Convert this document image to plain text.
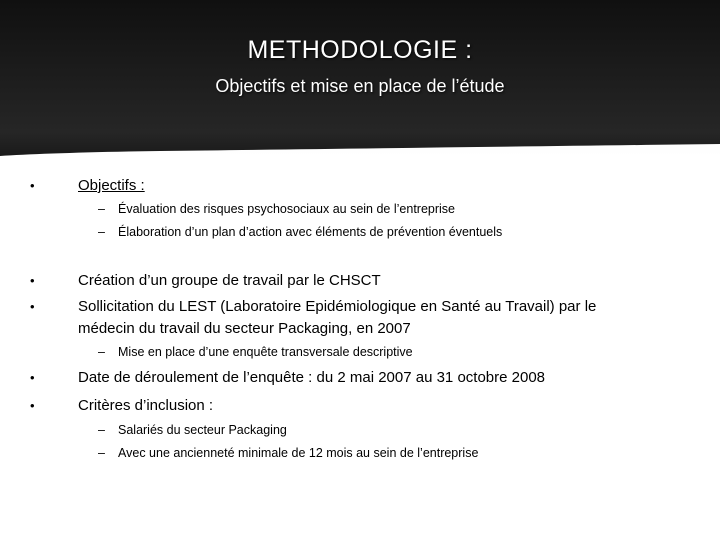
METHODOLOGIE :
Objectifs et mise en place de l’étude
•	Objectifs :
– Évaluation des risques psychosociaux au sein de l’entreprise
– Élaboration d’un plan d’action avec éléments de prévention éventuels
•	Création d’un groupe de travail par le CHSCT
•	Sollicitation du LEST (Laboratoire Epidémiologique en Santé au Travail) par le
médecin du travail du secteur Packaging, en 2007
– Mise en place d’une enquête transversale descriptive
•	Date de déroulement de l’enquête : du 2 mai 2007 au 31 octobre 2008
•	Critères d’inclusion :
– Salariés du secteur Packaging
– Avec une ancienneté minimale de 12 mois au sein de l’entreprise
